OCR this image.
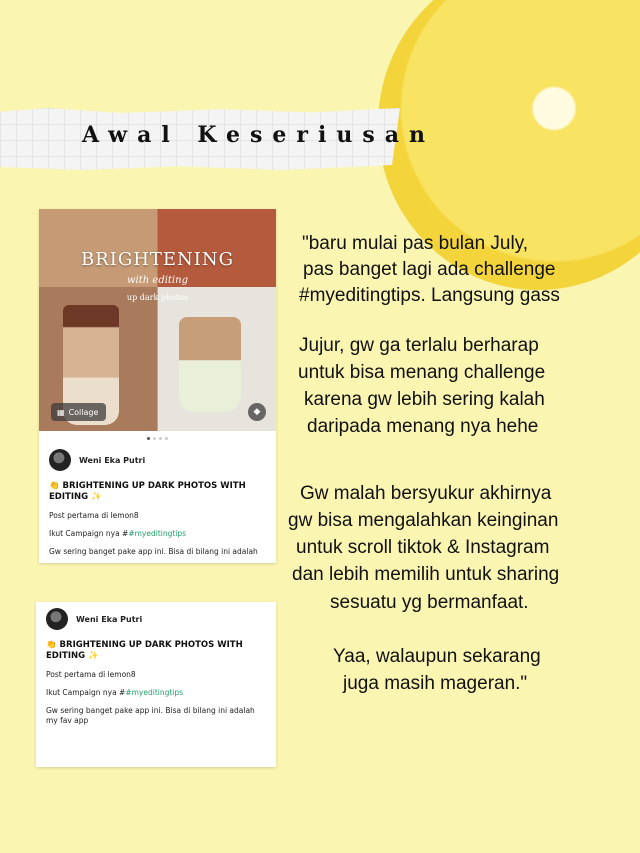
Awal Keseriusan
BRIGHTENING
with editing
up dark photos
▦ Collage	◆
Weni Eka Putri
👏 BRIGHTENING UP DARK PHOTOS WITH EDITING ✨
Post pertama di lemon8
Ikut Campaign nya ##myeditingtips
Gw sering banget pake app ini. Bisa di bilang ini adalah
Weni Eka Putri
👏 BRIGHTENING UP DARK PHOTOS WITH
EDITING ✨
Post pertama di lemon8
Ikut Campaign nya ##myeditingtips
Gw sering banget pake app ini. Bisa di bilang ini adalah
my fav app
"baru mulai pas bulan July,
pas banget lagi ada challenge
#myeditingtips. Langsung gass
Jujur, gw ga terlalu berharap
untuk bisa menang challenge
karena gw lebih sering kalah
daripada menang nya hehe
Gw malah bersyukur akhirnya
gw bisa mengalahkan keinginan
untuk scroll tiktok & Instagram
dan lebih memilih untuk sharing
sesuatu yg bermanfaat.
Yaa, walaupun sekarang
juga masih mageran."
